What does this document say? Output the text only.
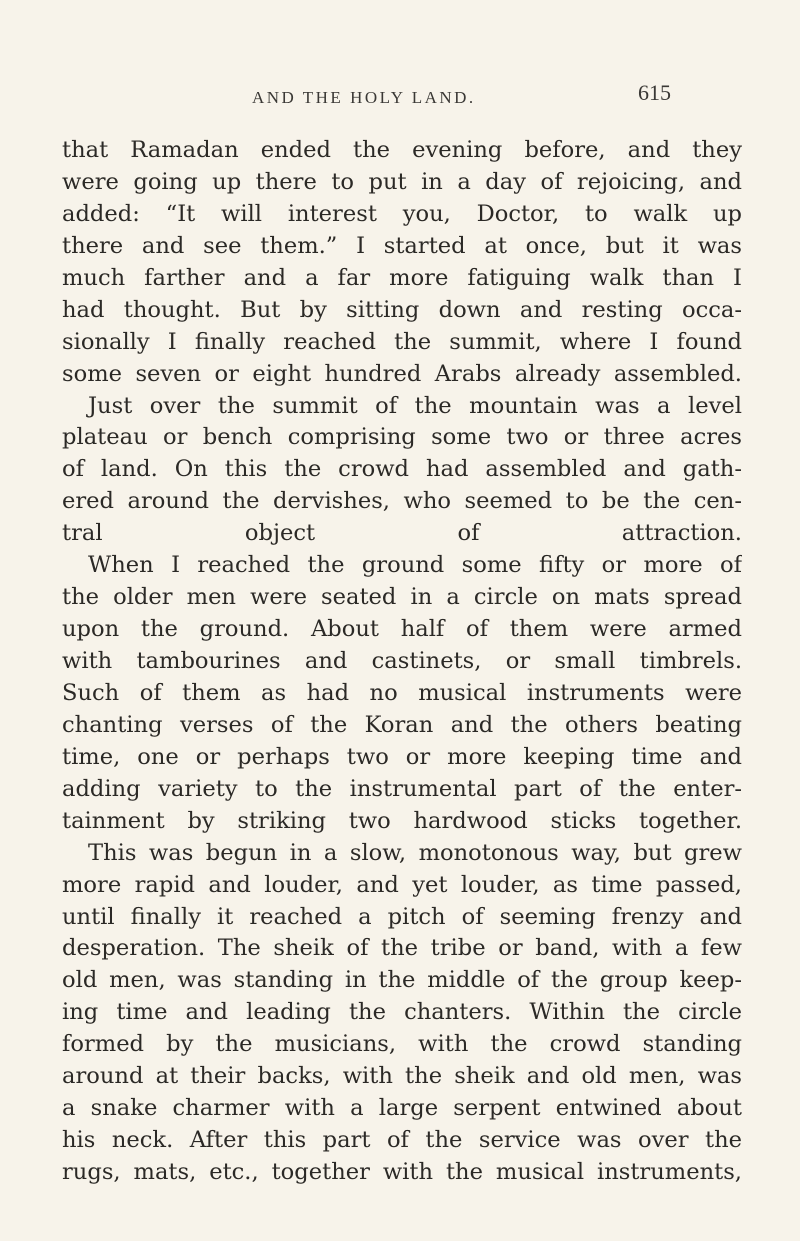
AND THE HOLY LAND.	615
that Ramadan ended the evening before, and they
were going up there to put in a day of rejoicing, and
added: “It will interest you, Doctor, to walk up
there and see them.” I started at once, but it was
much farther and a far more fatiguing walk than I
had thought. But by sitting down and resting occa-
sionally I finally reached the summit, where I found
some seven or eight hundred Arabs already assembled.
Just over the summit of the mountain was a level
plateau or bench comprising some two or three acres
of land. On this the crowd had assembled and gath-
ered around the dervishes, who seemed to be the cen-
tral object of attraction.
When I reached the ground some fifty or more of
the older men were seated in a circle on mats spread
upon the ground. About half of them were armed
with tambourines and castinets, or small timbrels.
Such of them as had no musical instruments were
chanting verses of the Koran and the others beating
time, one or perhaps two or more keeping time and
adding variety to the instrumental part of the enter-
tainment by striking two hardwood sticks together.
This was begun in a slow, monotonous way, but grew
more rapid and louder, and yet louder, as time passed,
until finally it reached a pitch of seeming frenzy and
desperation. The sheik of the tribe or band, with a few
old men, was standing in the middle of the group keep-
ing time and leading the chanters. Within the circle
formed by the musicians, with the crowd standing
around at their backs, with the sheik and old men, was
a snake charmer with a large serpent entwined about
his neck. After this part of the service was over the
rugs, mats, etc., together with the musical instruments,
